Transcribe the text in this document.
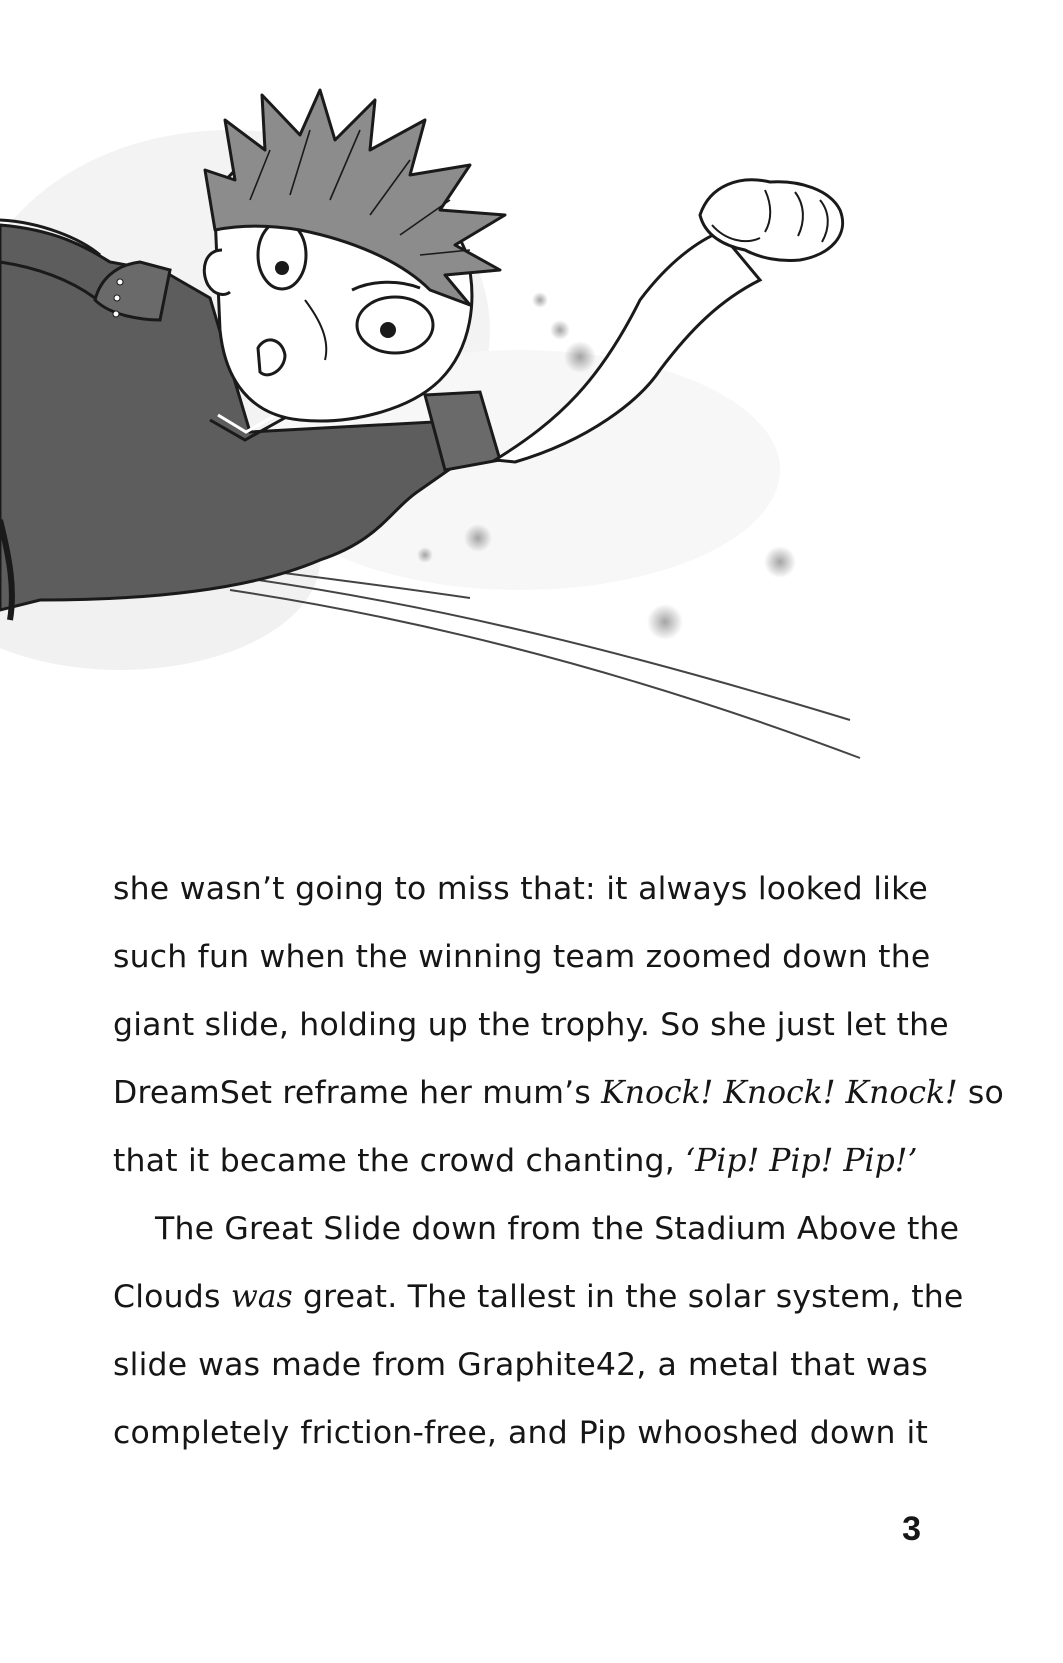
she wasn’t going to miss that: it always looked like
such fun when the winning team zoomed down the
giant slide, holding up the trophy. So she just let the
DreamSet reframe her mum’s Knock! Knock! Knock! so
that it became the crowd chanting, ‘Pip! Pip! Pip!’
The Great Slide down from the Stadium Above the
Clouds was great. The tallest in the solar system, the
slide was made from Graphite42, a metal that was
completely friction-free, and Pip whooshed down it
3
